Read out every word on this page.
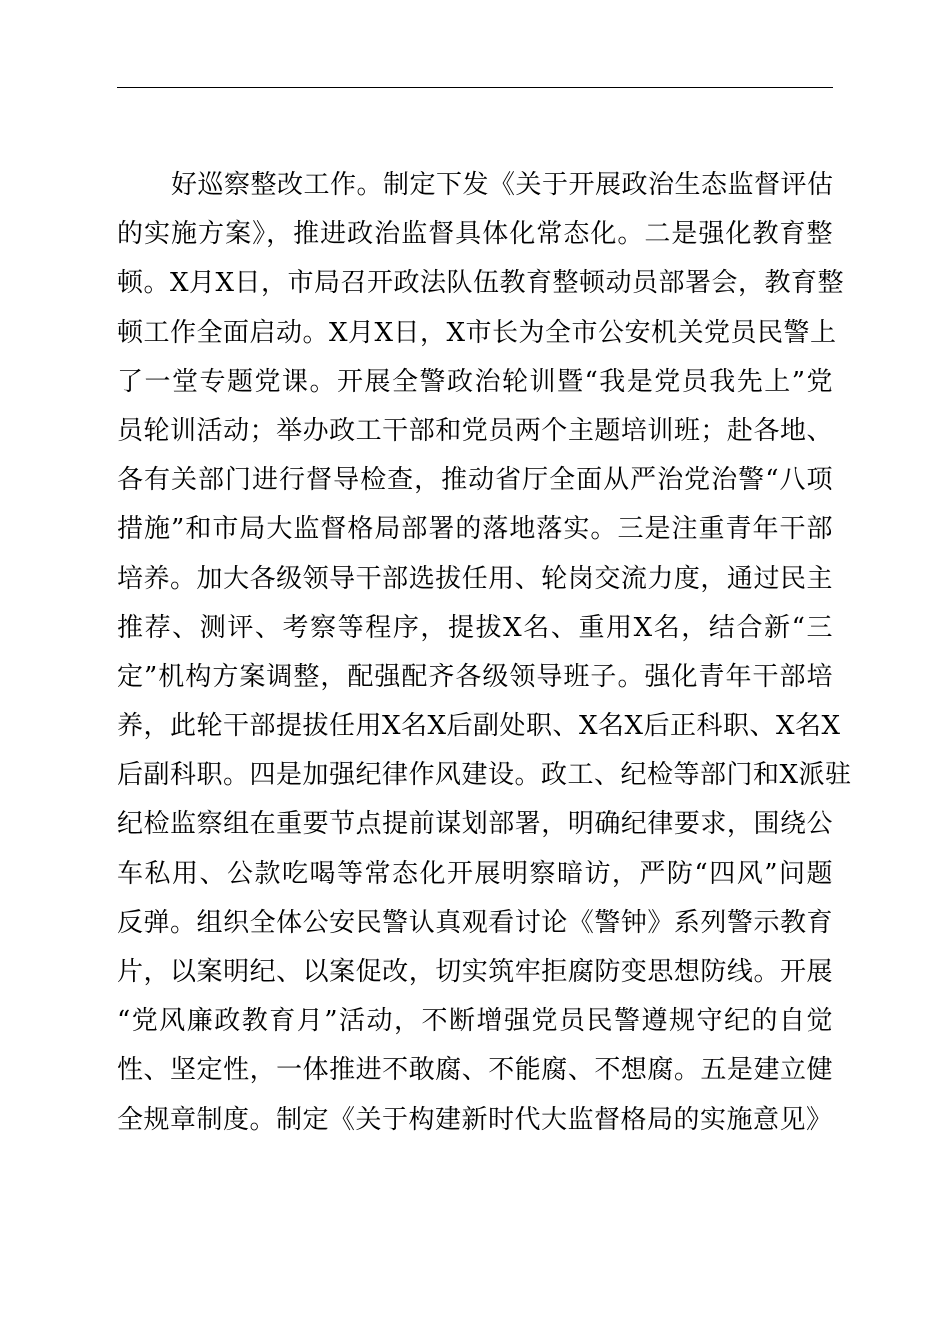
好巡察整改工作。制定下发《关于开展政治生态监督评估
的实施方案》，推进政治监督具体化常态化。二是强化教育整
顿。X月X日，市局召开政法队伍教育整顿动员部署会，教育整
顿工作全面启动。X月X日，X市长为全市公安机关党员民警上
了一堂专题党课。开展全警政治轮训暨“我是党员我先上”党
员轮训活动；举办政工干部和党员两个主题培训班；赴各地、
各有关部门进行督导检查，推动省厅全面从严治党治警“八项
措施”和市局大监督格局部署的落地落实。三是注重青年干部
培养。加大各级领导干部选拔任用、轮岗交流力度，通过民主
推荐、测评、考察等程序，提拔X名、重用X名，结合新“三
定”机构方案调整，配强配齐各级领导班子。强化青年干部培
养，此轮干部提拔任用X名X后副处职、X名X后正科职、X名X
后副科职。四是加强纪律作风建设。政工、纪检等部门和X派驻
纪检监察组在重要节点提前谋划部署，明确纪律要求，围绕公
车私用、公款吃喝等常态化开展明察暗访，严防“四风”问题
反弹。组织全体公安民警认真观看讨论《警钟》系列警示教育
片，以案明纪、以案促改，切实筑牢拒腐防变思想防线。开展
“党风廉政教育月”活动，不断增强党员民警遵规守纪的自觉
性、坚定性，一体推进不敢腐、不能腐、不想腐。五是建立健
全规章制度。制定《关于构建新时代大监督格局的实施意见》
